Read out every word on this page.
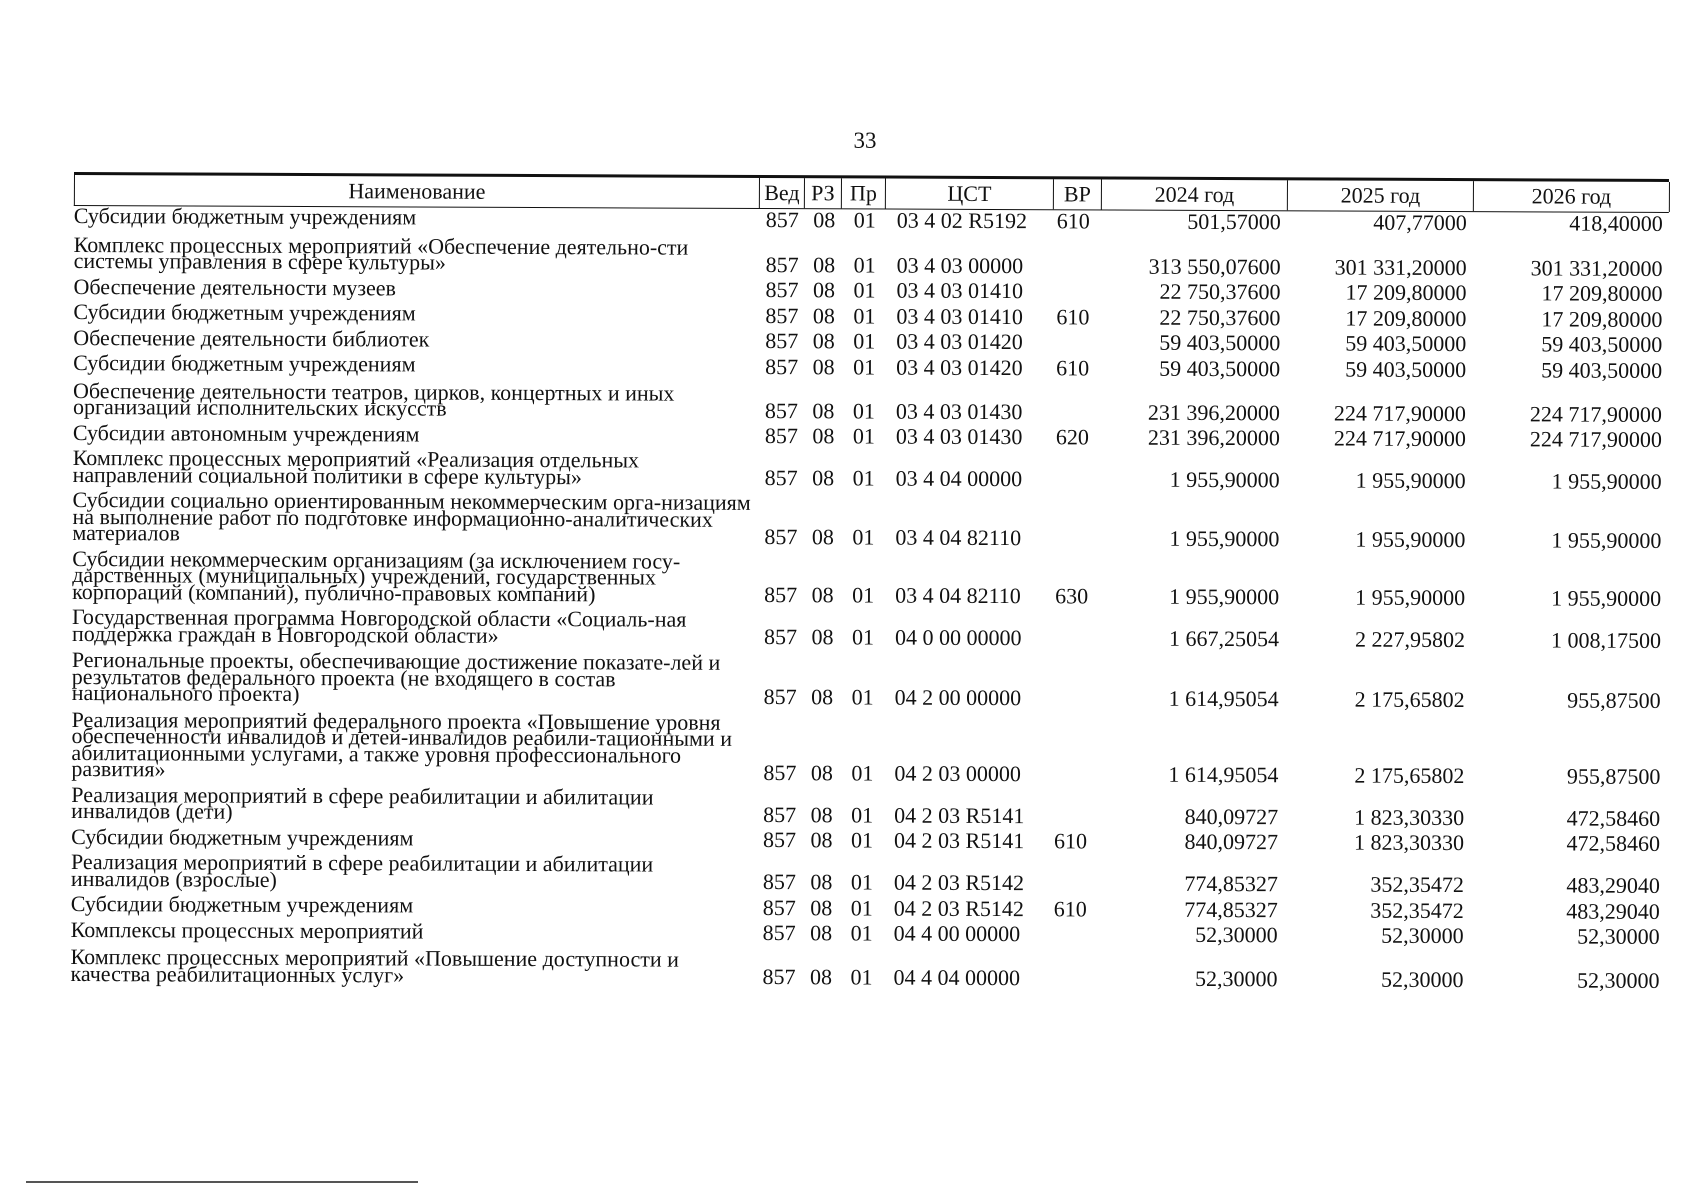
33
Наименование	Вед РЗ Пр	ЦСТ	ВР	2024 год	2025 год	2026 год
Субсидии бюджетным учреждениям	857 08 01 03 4 02 R5192	610	501,57000	407,77000	418,40000
Комплекс процессных мероприятий «Обеспечение деятельно-сти системы управления в сфере культуры»	857 08 01 03 4 03 00000	313 550,07600	301 331,20000	301 331,20000
Обеспечение деятельности музеев	857 08 01 03 4 03 01410	22 750,37600	17 209,80000	17 209,80000
Субсидии бюджетным учреждениям	857 08 01 03 4 03 01410	610	22 750,37600	17 209,80000	17 209,80000
Обеспечение деятельности библиотек	857 08 01 03 4 03 01420	59 403,50000	59 403,50000	59 403,50000
Субсидии бюджетным учреждениям	857 08 01 03 4 03 01420	610	59 403,50000	59 403,50000	59 403,50000
Обеспечение деятельности театров, цирков, концертных и иных организаций исполнительских искусств	857 08 01 03 4 03 01430	231 396,20000	224 717,90000	224 717,90000
Субсидии автономным учреждениям	857 08 01 03 4 03 01430	620	231 396,20000	224 717,90000	224 717,90000
Комплекс процессных мероприятий «Реализация отдельных направлений социальной политики в сфере культуры»	857 08 01 03 4 04 00000	1 955,90000	1 955,90000	1 955,90000
Субсидии социально ориентированным некоммерческим орга-низациям на выполнение работ по подготовке информационно-аналитических материалов	857 08 01 03 4 04 82110	1 955,90000	1 955,90000	1 955,90000
Субсидии некоммерческим организациям (за исключением госу-дарственных (муниципальных) учреждений, государственных корпораций (компаний), публично-правовых компаний)	857 08 01 03 4 04 82110	630	1 955,90000	1 955,90000	1 955,90000
Государственная программа Новгородской области «Социаль-ная поддержка граждан в Новгородской области»	857 08 01 04 0 00 00000	1 667,25054	2 227,95802	1 008,17500
Региональные проекты, обеспечивающие достижение показате-лей и результатов федерального проекта (не входящего в состав национального проекта)	857 08 01 04 2 00 00000	1 614,95054	2 175,65802	955,87500
Реализация мероприятий федерального проекта «Повышение уровня обеспеченности инвалидов и детей-инвалидов реабили-тационными и абилитационными услугами, а также уровня профессионального развития»	857 08 01 04 2 03 00000	1 614,95054	2 175,65802	955,87500
Реализация мероприятий в сфере реабилитации и абилитации инвалидов (дети)	857 08 01 04 2 03 R5141	840,09727	1 823,30330	472,58460
Субсидии бюджетным учреждениям	857 08 01 04 2 03 R5141	610	840,09727	1 823,30330	472,58460
Реализация мероприятий в сфере реабилитации и абилитации инвалидов (взрослые)	857 08 01 04 2 03 R5142	774,85327	352,35472	483,29040
Субсидии бюджетным учреждениям	857 08 01 04 2 03 R5142	610	774,85327	352,35472	483,29040
Комплексы процессных мероприятий	857 08 01 04 4 00 00000	52,30000	52,30000	52,30000
Комплекс процессных мероприятий «Повышение доступности и качества реабилитационных услуг»	857 08 01 04 4 04 00000	52,30000	52,30000	52,30000
